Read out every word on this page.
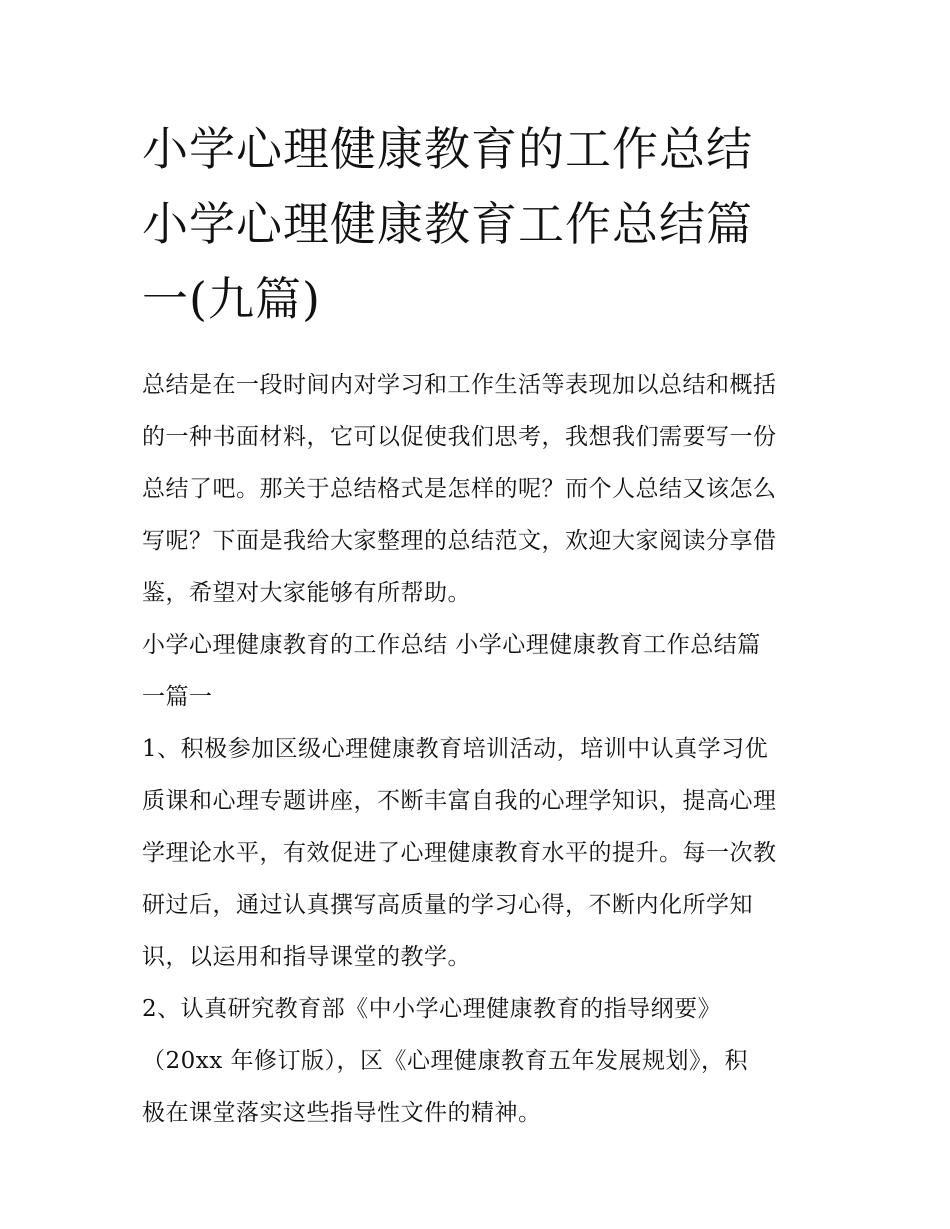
小学心理健康教育的工作总结
小学心理健康教育工作总结篇
一(九篇)

总结是在一段时间内对学习和工作生活等表现加以总结和概括
的一种书面材料，它可以促使我们思考，我想我们需要写一份
总结了吧。那关于总结格式是怎样的呢？而个人总结又该怎么
写呢？下面是我给大家整理的总结范文，欢迎大家阅读分享借
鉴，希望对大家能够有所帮助。

小学心理健康教育的工作总结 小学心理健康教育工作总结篇
一篇一

1、积极参加区级心理健康教育培训活动，培训中认真学习优
质课和心理专题讲座，不断丰富自我的心理学知识，提高心理
学理论水平，有效促进了心理健康教育水平的提升。每一次教
研过后，通过认真撰写高质量的学习心得，不断内化所学知
识，以运用和指导课堂的教学。

2、认真研究教育部《中小学心理健康教育的指导纲要》
（20xx 年修订版），区《心理健康教育五年发展规划》，积
极在课堂落实这些指导性文件的精神。
